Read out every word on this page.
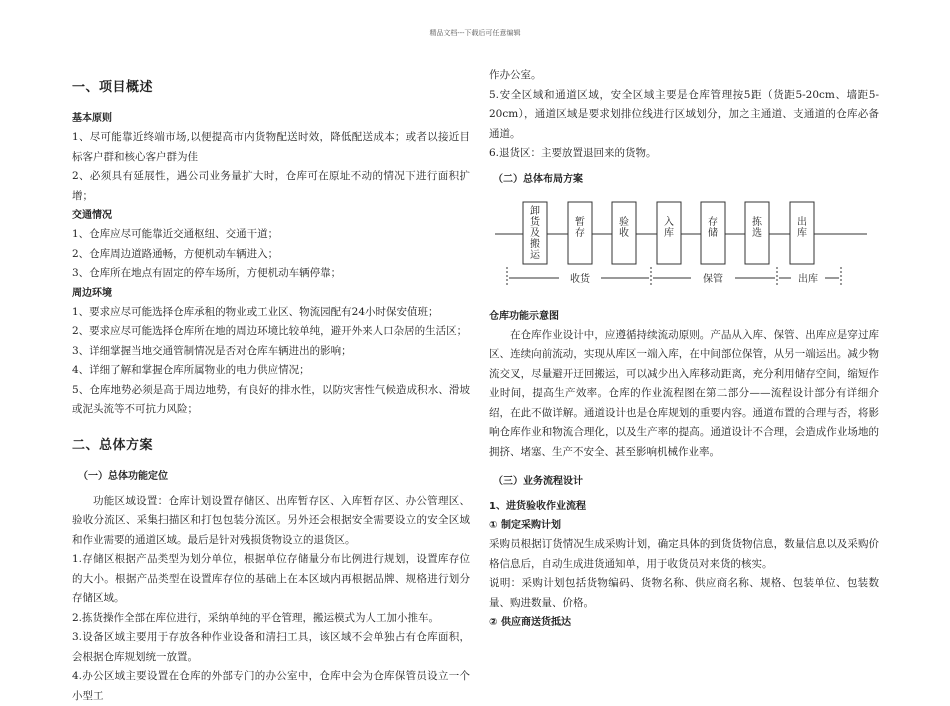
精品文档---下载后可任意编辑

一、项目概述

基本原则

1、尽可能靠近终端市场,以便提高市内货物配送时效，降低配送成本；或者以接近目标客户群和核心客户群为佳

2、必须具有延展性，遇公司业务量扩大时，仓库可在原址不动的情况下进行面积扩增；

交通情况

1、仓库应尽可能靠近交通枢纽、交通干道；

2、仓库周边道路通畅，方便机动车辆进入；

3、仓库所在地点有固定的停车场所，方便机动车辆停靠；

周边环境

1、要求应尽可能选择仓库承租的物业或工业区、物流园配有24小时保安值班；

2、要求应尽可能选择仓库所在地的周边环境比较单纯，避开外来人口杂居的生活区；

3、详细掌握当地交通管制情况是否对仓库车辆进出的影响；

4、详细了解和掌握仓库所属物业的电力供应情况；

5、仓库地势必须是高于周边地势，有良好的排水性，以防灾害性气候造成积水、滑坡或泥头流等不可抗力风险；

二、总体方案

（一）总体功能定位

功能区域设置：仓库计划设置存储区、出库暂存区、入库暂存区、办公管理区、验收分流区、采集扫描区和打包包装分流区。另外还会根据安全需要设立的安全区域和作业需要的通道区域。最后是针对残损货物设立的退货区。

1.存储区根据产品类型为划分单位，根据单位存储量分布比例进行规划，设置库存位的大小。根据产品类型在设置库存位的基础上在本区域内再根据品牌、规格进行划分存储区域。

2.拣货操作全部在库位进行，采纳单纯的平仓管理，搬运模式为人工加小推车。

3.设备区域主要用于存放各种作业设备和清扫工具，该区域不会单独占有仓库面积，会根据仓库规划统一放置。

4.办公区域主要设置在仓库的外部专门的办公室中，仓库中会为仓库保管员设立一个小型工

作办公室。

5.安全区域和通道区域，安全区域主要是仓库管理按5距（货距5-20cm、墙距5-20cm），通道区域是要求划排位线进行区域划分，加之主通道、支通道的仓库必备通道。

6.退货区：主要放置退回来的货物。

（二）总体布局方案

卸货及搬运
暂存
验收
入库
存储
拣选
出库
收货	保管	出库

仓库功能示意图

在仓库作业设计中，应遵循持续流动原则。产品从入库、保管、出库应是穿过库区、连续向前流动，实现从库区一端入库，在中间部位保管，从另一端运出。减少物流交叉，尽量避开迂回搬运，可以减少出入库移动距离，充分利用储存空间，缩短作业时间，提高生产效率。仓库的作业流程图在第二部分——流程设计部分有详细介绍，在此不做详解。通道设计也是仓库规划的重要内容。通道布置的合理与否，将影响仓库作业和物流合理化，以及生产率的提高。通道设计不合理，会造成作业场地的拥挤、堵塞、生产不安全、甚至影响机械作业率。

（三）业务流程设计

1、进货验收作业流程

① 制定采购计划

采购员根据订货情况生成采购计划，确定具体的到货货物信息，数量信息以及采购价格信息后，自动生成进货通知单，用于收货员对来货的核实。

说明：采购计划包括货物编码、货物名称、供应商名称、规格、包装单位、包装数量、购进数量、价格。

② 供应商送货抵达
